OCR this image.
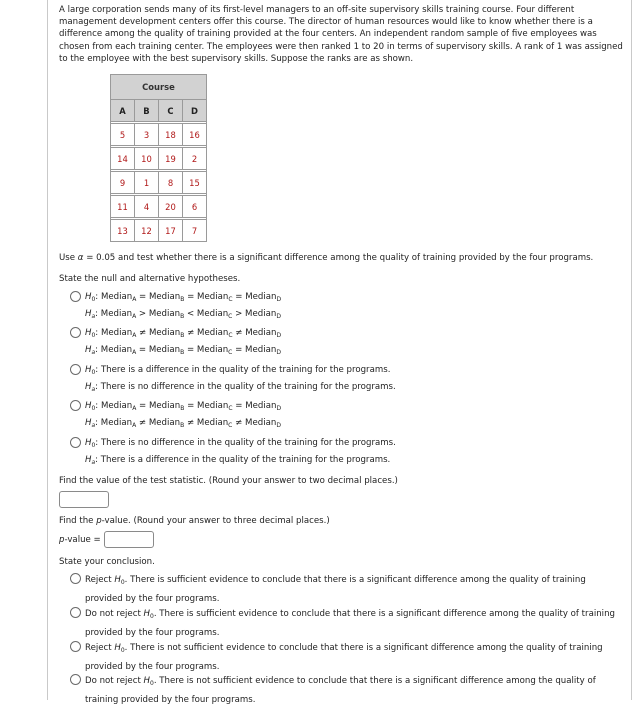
A large corporation sends many of its first-level managers to an off-site supervisory skills training course. Four different management development centers offer this course. The director of human resources would like to know whether there is a difference among the quality of training provided at the four centers. An independent random sample of five employees was chosen from each training center. The employees were then ranked 1 to 20 in terms of supervisory skills. A rank of 1 was assigned to the employee with the best supervisory skills. Suppose the ranks are as shown.

Course			
A	B	C	D

5	3	18	16

14	10	19	2

9	1	8	15

11	4	20	6

13	12	17	7

Use α = 0.05 and test whether there is a significant difference among the quality of training provided by the four programs.

State the null and alternative hypotheses.

$H_0$: Median$_A$ = Median$_B$ = Median$_C$ = Median$_D$
$H_a$: Median$_A$ > Median$_B$ < Median$_C$ > Median$_D$
$H_0$: Median$_A$ ≠ Median$_B$ ≠ Median$_C$ ≠ Median$_D$
$H_a$: Median$_A$ = Median$_B$ = Median$_C$ = Median$_D$
$H_0$: There is a difference in the quality of the training for the programs.
$H_a$: There is no difference in the quality of the training for the programs.
$H_0$: Median$_A$ = Median$_B$ = Median$_C$ = Median$_D$
$H_a$: Median$_A$ ≠ Median$_B$ ≠ Median$_C$ ≠ Median$_D$
$H_0$: There is no difference in the quality of the training for the programs.
$H_a$: There is a difference in the quality of the training for the programs.

Find the value of the test statistic. (Round your answer to two decimal places.)

Find the p-value. (Round your answer to three decimal places.)

p-value =

State your conclusion.

Reject $H_0$. There is sufficient evidence to conclude that there is a significant difference among the quality of training provided by the four programs.
Do not reject $H_0$. There is sufficient evidence to conclude that there is a significant difference among the quality of training provided by the four programs.
Reject $H_0$. There is not sufficient evidence to conclude that there is a significant difference among the quality of training provided by the four programs.
Do not reject $H_0$. There is not sufficient evidence to conclude that there is a significant difference among the quality of training provided by the four programs.
